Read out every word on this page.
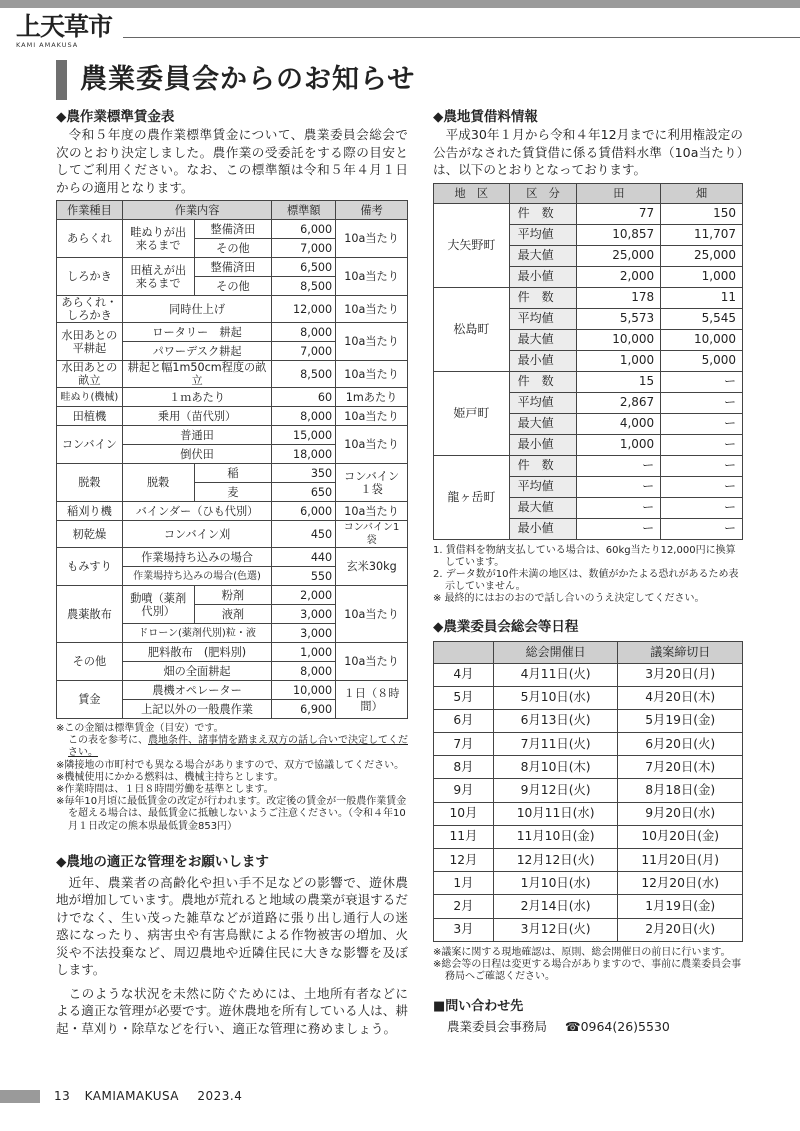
上天草市
KAMI AMAKUSA
農業委員会からのお知らせ
◆農作業標準賃金表

令和５年度の農作業標準賃金について、農業委員会総会で次のとおり決定しました。農作業の受委託をする際の目安としてご利用ください。なお、この標準額は令和５年４月１日からの適用となります。

作業種目	作業内容		標準額	備考
あらくれ	畦ぬりが出来るまで	整備済田	6,000	10a当たり
		その他	7,000	
しろかき	田植えが出来るまで	整備済田	6,500	10a当たり
		その他	8,500	
あらくれ・しろかき	同時仕上げ		12,000	10a当たり
水田あとの平耕起	ロータリー　耕起		8,000	10a当たり
	パワーデスク耕起		7,000	
水田あとの畝立	耕起と幅1m50cm程度の畝立		8,500	10a当たり
畦ぬり(機械)	１ｍあたり		60	1mあたり
田植機	乗用（苗代別）		8,000	10a当たり
コンバイン	普通田		15,000	10a当たり
	倒伏田		18,000	
脱穀	脱穀	稲	350	コンバイン１袋
		麦	650	
稲刈り機	バインダー（ひも代別）		6,000	10a当たり
籾乾燥	コンバイン刈		450	コンバイン1袋
もみすり	作業場持ち込みの場合		440	玄米30kg
	作業場持ち込みの場合(色選)		550	
農薬散布	動噴（薬剤代別）	粉剤	2,000	10a当たり
		液剤	3,000	
	ドローン(薬剤代別)粒・液		3,000	
その他	肥料散布　(肥料別)		1,000	10a当たり
	畑の全面耕起		8,000	
賃金	農機オペレーター		10,000	１日（８時間）
	上記以外の一般農作業		6,900	
※この金額は標準賃金（目安）です。
この表を参考に、農地条件、諸事情を踏まえ双方の話し合いで決定してください。
※隣接地の市町村でも異なる場合がありますので、双方で協議してください。
※機械使用にかかる燃料は、機械主持ちとします。
※作業時間は、１日８時間労働を基準とします。
※毎年10月頃に最低賃金の改定が行われます。改定後の賃金が一般農作業賃金を超える場合は、最低賃金に抵触しないようご注意ください。（令和４年10月１日改定の熊本県最低賃金853円）
◆農地の適正な管理をお願いします

近年、農業者の高齢化や担い手不足などの影響で、遊休農地が増加しています。農地が荒れると地域の農業が衰退するだけでなく、生い茂った雑草などが道路に張り出し通行人の迷惑になったり、病害虫や有害鳥獣による作物被害の増加、火災や不法投棄など、周辺農地や近隣住民に大きな影響を及ぼします。

このような状況を未然に防ぐためには、土地所有者などによる適正な管理が必要です。遊休農地を所有している人は、耕起・草刈り・除草などを行い、適正な管理に務めましょう。

◆農地賃借料情報

平成30年１月から令和４年12月までに利用権設定の公告がなされた賃貸借に係る賃借料水準（10a当たり）は、以下のとおりとなっております。

地　区	区　分	田	畑
大矢野町	件　数	77	150
	平均値	10,857	11,707
	最大値	25,000	25,000
	最小値	2,000	1,000
松島町	件　数	178	11
	平均値	5,573	5,545
	最大値	10,000	10,000
	最小値	1,000	5,000
姫戸町	件　数	15	ー
	平均値	2,867	ー
	最大値	4,000	ー
	最小値	1,000	ー
龍ヶ岳町	件　数	ー	ー
	平均値	ー	ー
	最大値	ー	ー
	最小値	ー	ー
1. 賃借料を物納支払している場合は、60kg当たり12,000円に換算しています。
2. データ数が10件未満の地区は、数値がかたよる恐れがあるため表示していません。
※ 最終的にはおのおので話し合いのうえ決定してください。
◆農業委員会総会等日程
	総会開催日	議案締切日
4月	4月11日(火)	3月20日(月)
5月	5月10日(水)	4月20日(木)
6月	6月13日(火)	5月19日(金)
7月	7月11日(火)	6月20日(火)
8月	8月10日(木)	7月20日(木)
9月	9月12日(火)	8月18日(金)
10月	10月11日(水)	9月20日(水)
11月	11月10日(金)	10月20日(金)
12月	12月12日(火)	11月20日(月)
1月	1月10日(水)	12月20日(水)
2月	2月14日(水)	1月19日(金)
3月	3月12日(火)	2月20日(火)
※議案に関する現地確認は、原則、総会開催日の前日に行います。
※総会等の日程は変更する場合がありますので、事前に農業委員会事務局へご確認ください。
■問い合わせ先
農業委員会事務局 ☎0964(26)5530
13 KAMIAMAKUSA 2023.4
